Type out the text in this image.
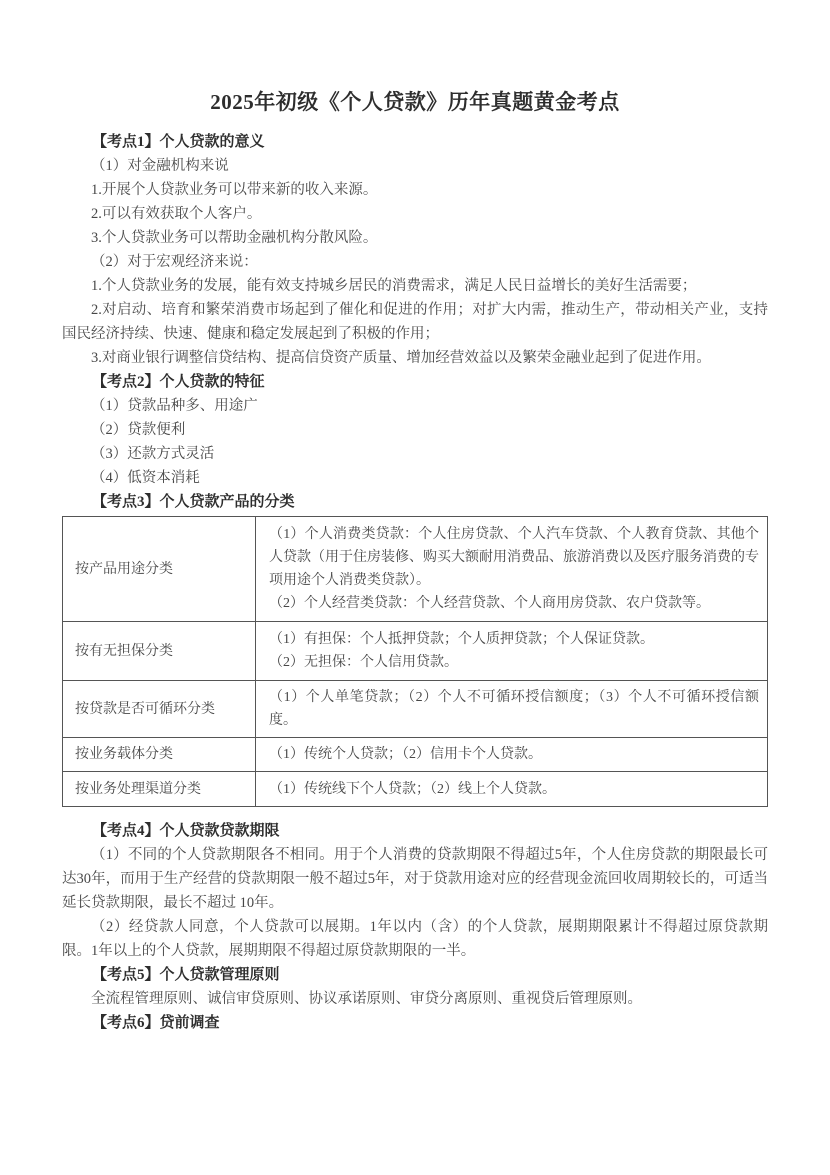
2025年初级《个人贷款》历年真题黄金考点
【考点1】个人贷款的意义

（1）对金融机构来说

1.开展个人贷款业务可以带来新的收入来源。

2.可以有效获取个人客户。

3.个人贷款业务可以帮助金融机构分散风险。

（2）对于宏观经济来说：

1.个人贷款业务的发展，能有效支持城乡居民的消费需求，满足人民日益增长的美好生活需要；

2.对启动、培育和繁荣消费市场起到了催化和促进的作用；对扩大内需，推动生产，带动相关产业，支持国民经济持续、快速、健康和稳定发展起到了积极的作用；

3.对商业银行调整信贷结构、提高信贷资产质量、增加经营效益以及繁荣金融业起到了促进作用。

【考点2】个人贷款的特征

（1）贷款品种多、用途广

（2）贷款便利

（3）还款方式灵活

（4）低资本消耗

【考点3】个人贷款产品的分类
按产品用途分类	（1）个人消费类贷款：个人住房贷款、个人汽车贷款、个人教育贷款、其他个人贷款（用于住房装修、购买大额耐用消费品、旅游消费以及医疗服务消费的专项用途个人消费类贷款）。
（2）个人经营类贷款：个人经营贷款、个人商用房贷款、农户贷款等。

按有无担保分类	（1）有担保：个人抵押贷款；个人质押贷款；个人保证贷款。
（2）无担保：个人信用贷款。

按贷款是否可循环分类	（1）个人单笔贷款；（2）个人不可循环授信额度；（3）个人不可循环授信额度。

按业务载体分类	（1）传统个人贷款；（2）信用卡个人贷款。

按业务处理渠道分类	（1）传统线下个人贷款；（2）线上个人贷款。
【考点4】个人贷款贷款期限

（1）不同的个人贷款期限各不相同。用于个人消费的贷款期限不得超过5年，个人住房贷款的期限最长可达30年，而用于生产经营的贷款期限一般不超过5年，对于贷款用途对应的经营现金流回收周期较长的，可适当延长贷款期限，最长不超过 10年。

（2）经贷款人同意，个人贷款可以展期。1年以内（含）的个人贷款，展期期限累计不得超过原贷款期限。1年以上的个人贷款，展期期限不得超过原贷款期限的一半。

【考点5】个人贷款管理原则

全流程管理原则、诚信审贷原则、协议承诺原则、审贷分离原则、重视贷后管理原则。

【考点6】贷前调查
